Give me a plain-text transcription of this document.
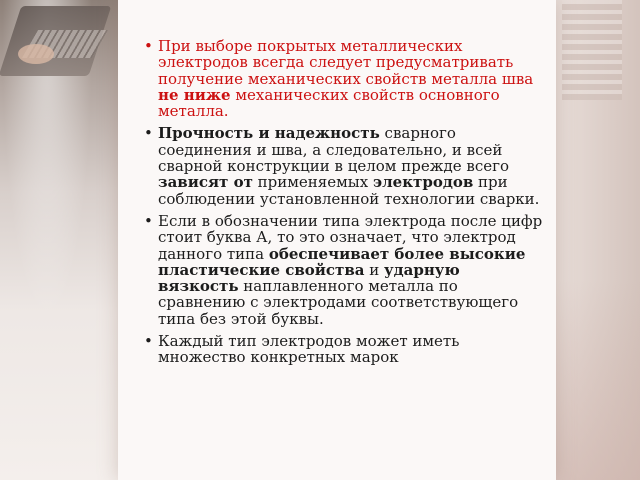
• При выборе покрытых металлических электродов всегда следует предусматривать получение механических свойств металла шва не ниже механических свойств основного металла.
• Прочность и надежность сварного соединения и шва, а следовательно, и всей сварной конструкции в целом прежде всего зависят от применяемых электродов при соблюдении установленной технологии сварки.
• Если в обозначении типа электрода после цифр стоит буква А, то это означает, что электрод данного типа обеспечивает более высокие пластические свойства и ударную вязкость наплавленного металла по сравнению с электродами соответствующего типа без этой буквы.
• Каждый тип электродов может иметь множество конкретных марок
